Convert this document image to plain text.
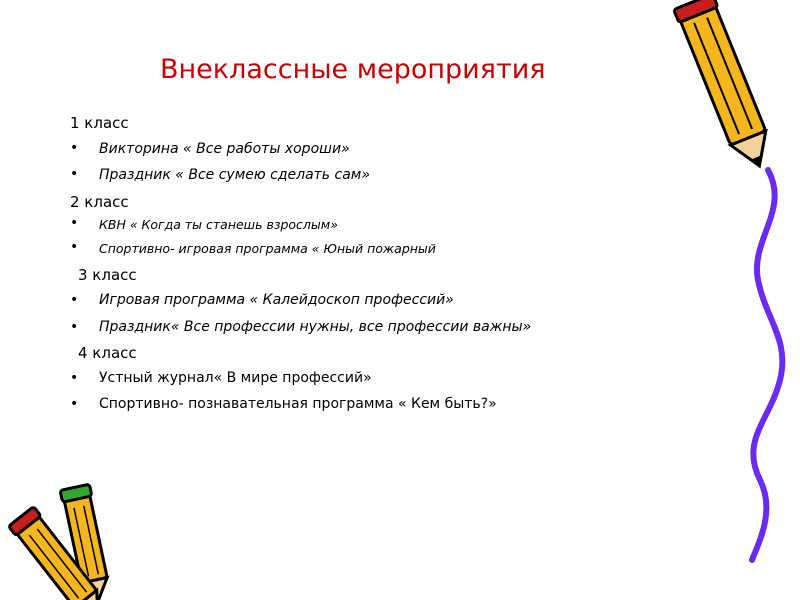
Внеклассные мероприятия
1 класс
• Викторина « Все работы хороши»
• Праздник « Все сумею сделать сам»
2 класс
• КВН « Когда ты станешь взрослым»
• Спортивно- игровая программа « Юный пожарный
3 класс
• Игровая программа « Калейдоскоп профессий»
• Праздник« Все профессии нужны, все профессии важны»
4 класс
• Устный журнал« В мире профессий»
• Спортивно- познавательная программа « Кем быть?»
